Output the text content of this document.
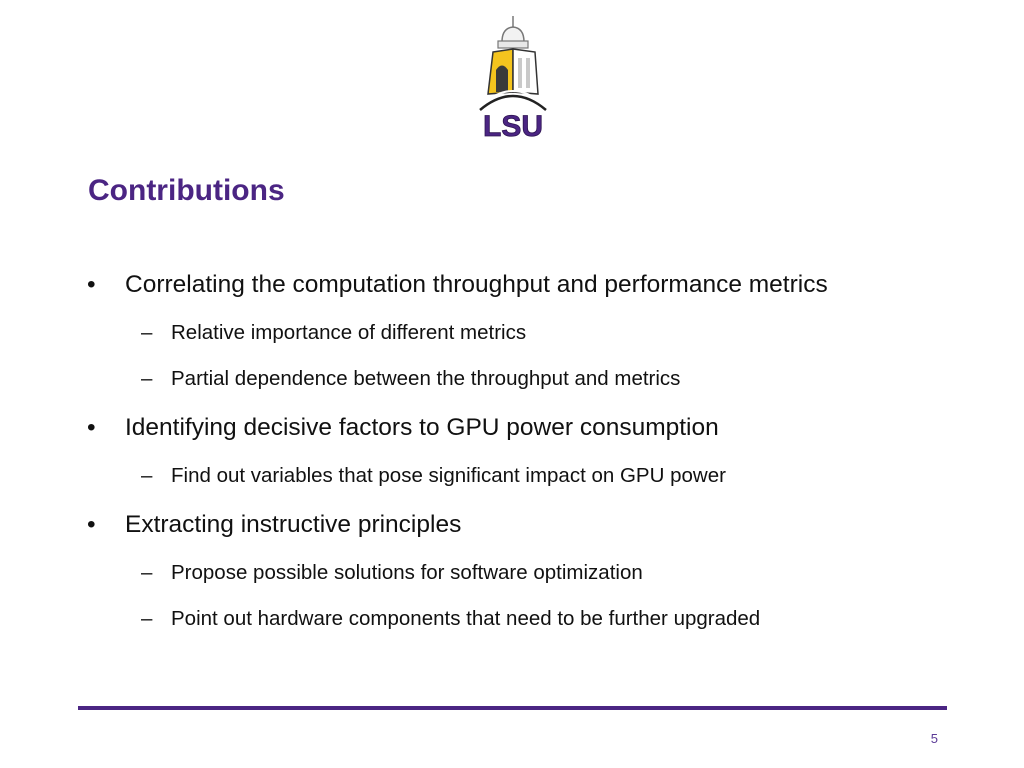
LSU
Contributions
• Correlating the computation throughput and performance metrics
– Relative importance of different metrics
– Partial dependence between the throughput and metrics
• Identifying decisive factors to GPU power consumption
– Find out variables that pose significant impact on GPU power
• Extracting instructive principles
– Propose possible solutions for software optimization
– Point out hardware components that need to be further upgraded
5
